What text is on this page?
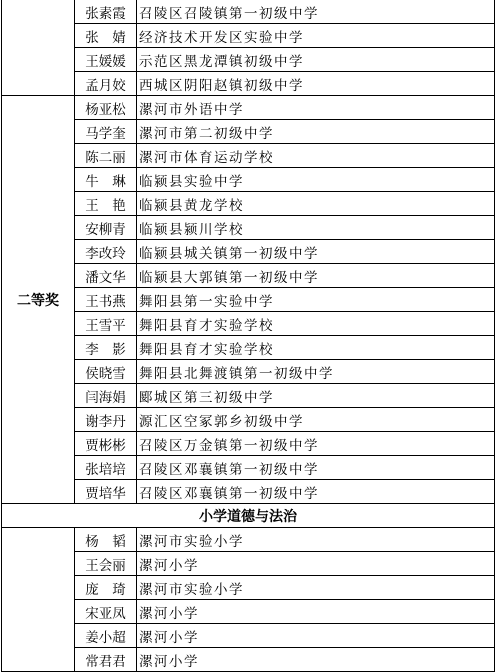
	张素霞	召陵区召陵镇第一初级中学
	张　婧	经济技术开发区实验中学
	王媛媛	示范区黑龙潭镇初级中学
	孟月姣	西城区阴阳赵镇初级中学
二等奖	杨亚松	漯河市外语中学
	马学奎	漯河市第二初级中学
	陈二丽	漯河市体育运动学校
	牛　琳	临颍县实验中学
	王　艳	临颍县黄龙学校
	安柳青	临颍县颍川学校
	李改玲	临颍县城关镇第一初级中学
	潘文华	临颍县大郭镇第一初级中学
	王书燕	舞阳县第一实验中学
	王雪平	舞阳县育才实验学校
	李　影	舞阳县育才实验学校
	侯晓雪	舞阳县北舞渡镇第一初级中学
	闫海娟	郾城区第三初级中学
	谢李丹	源汇区空冢郭乡初级中学
	贾彬彬	召陵区万金镇第一初级中学
	张培培	召陵区邓襄镇第一初级中学
	贾培华	召陵区邓襄镇第一初级中学
小学道德与法治		
	杨　韬	漯河市实验小学
	王会丽	漯河小学
	庞　琦	漯河市实验小学
	宋亚凤	漯河小学
	姜小超	漯河小学
	常君君	漯河小学
